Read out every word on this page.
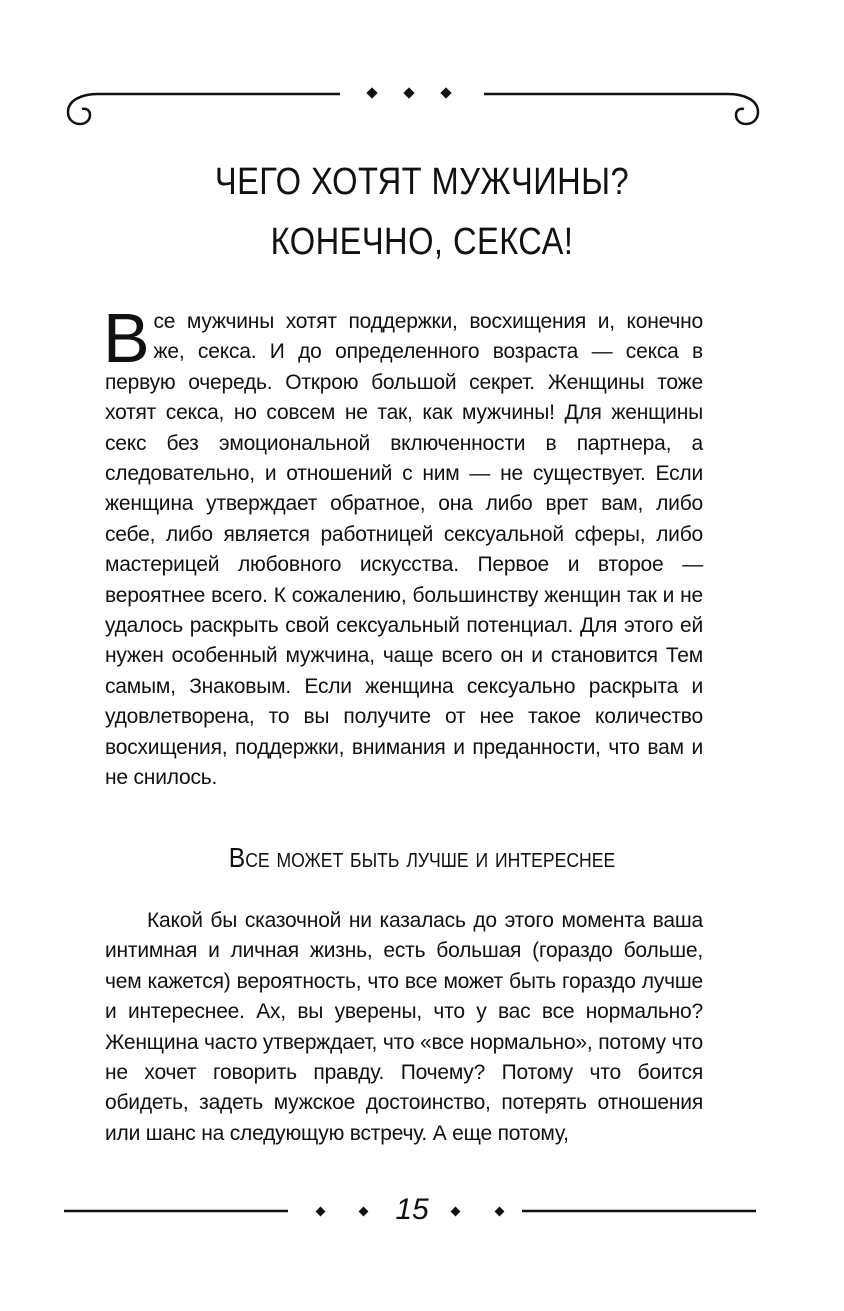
ЧЕГО ХОТЯТ МУЖЧИНЫ?
КОНЕЧНО, СЕКСА!
В се мужчины хотят поддержки, восхищения и, конечно же, секса. И до определенного возраста — секса в первую очередь. Открою большой секрет. Женщины тоже хотят секса, но совсем не так, как мужчины! Для женщины секс без эмоциональной включенности в партнера, а следовательно, и отношений с ним — не существует. Если женщина утверждает обратное, она либо врет вам, либо себе, либо является работницей сексуальной сферы, либо мастерицей любовного искусства. Первое и второе — вероятнее всего. К сожалению, большинству женщин так и не удалось раскрыть свой сексуальный потенциал. Для этого ей нужен особенный мужчина, чаще всего он и становится Тем самым, Знаковым. Если женщина сексуально раскрыта и удовлетворена, то вы получите от нее такое количество восхищения, поддержки, внимания и преданности, что вам и не снилось.
Все может быть лучше и интереснее
Какой бы сказочной ни казалась до этого момента ваша интимная и личная жизнь, есть большая (гораздо больше, чем кажется) вероятность, что все может быть гораздо лучше и интереснее. Ах, вы уверены, что у вас все нормально? Женщина часто утверждает, что «все нормально», потому что не хочет говорить правду. Почему? Потому что боится обидеть, задеть мужское достоинство, потерять отношения или шанс на следующую встречу. А еще потому,
15
